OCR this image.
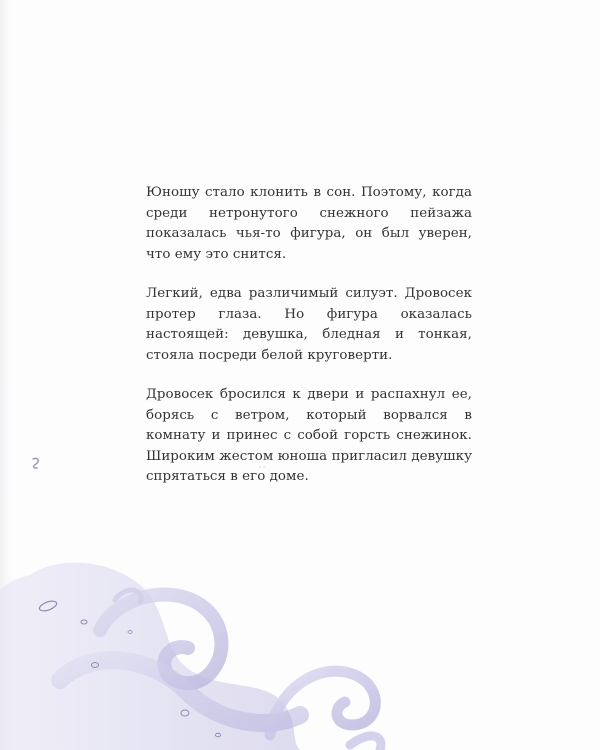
Юношу стало клонить в сон. Поэтому, когда среди нетронутого снежного пейзажа показалась чья-то фигура, он был уверен, что ему это снится.

Легкий, едва различимый силуэт. Дровосек протер глаза. Но фигура оказалась настоящей: девушка, бледная и тонкая, стояла посреди белой круговерти.

Дровосек бросился к двери и распахнул ее, борясь с ветром, который ворвался в комнату и принес с собой горсть снежинок. Широким жестом юноша пригласил девушку спрятаться в его доме.
